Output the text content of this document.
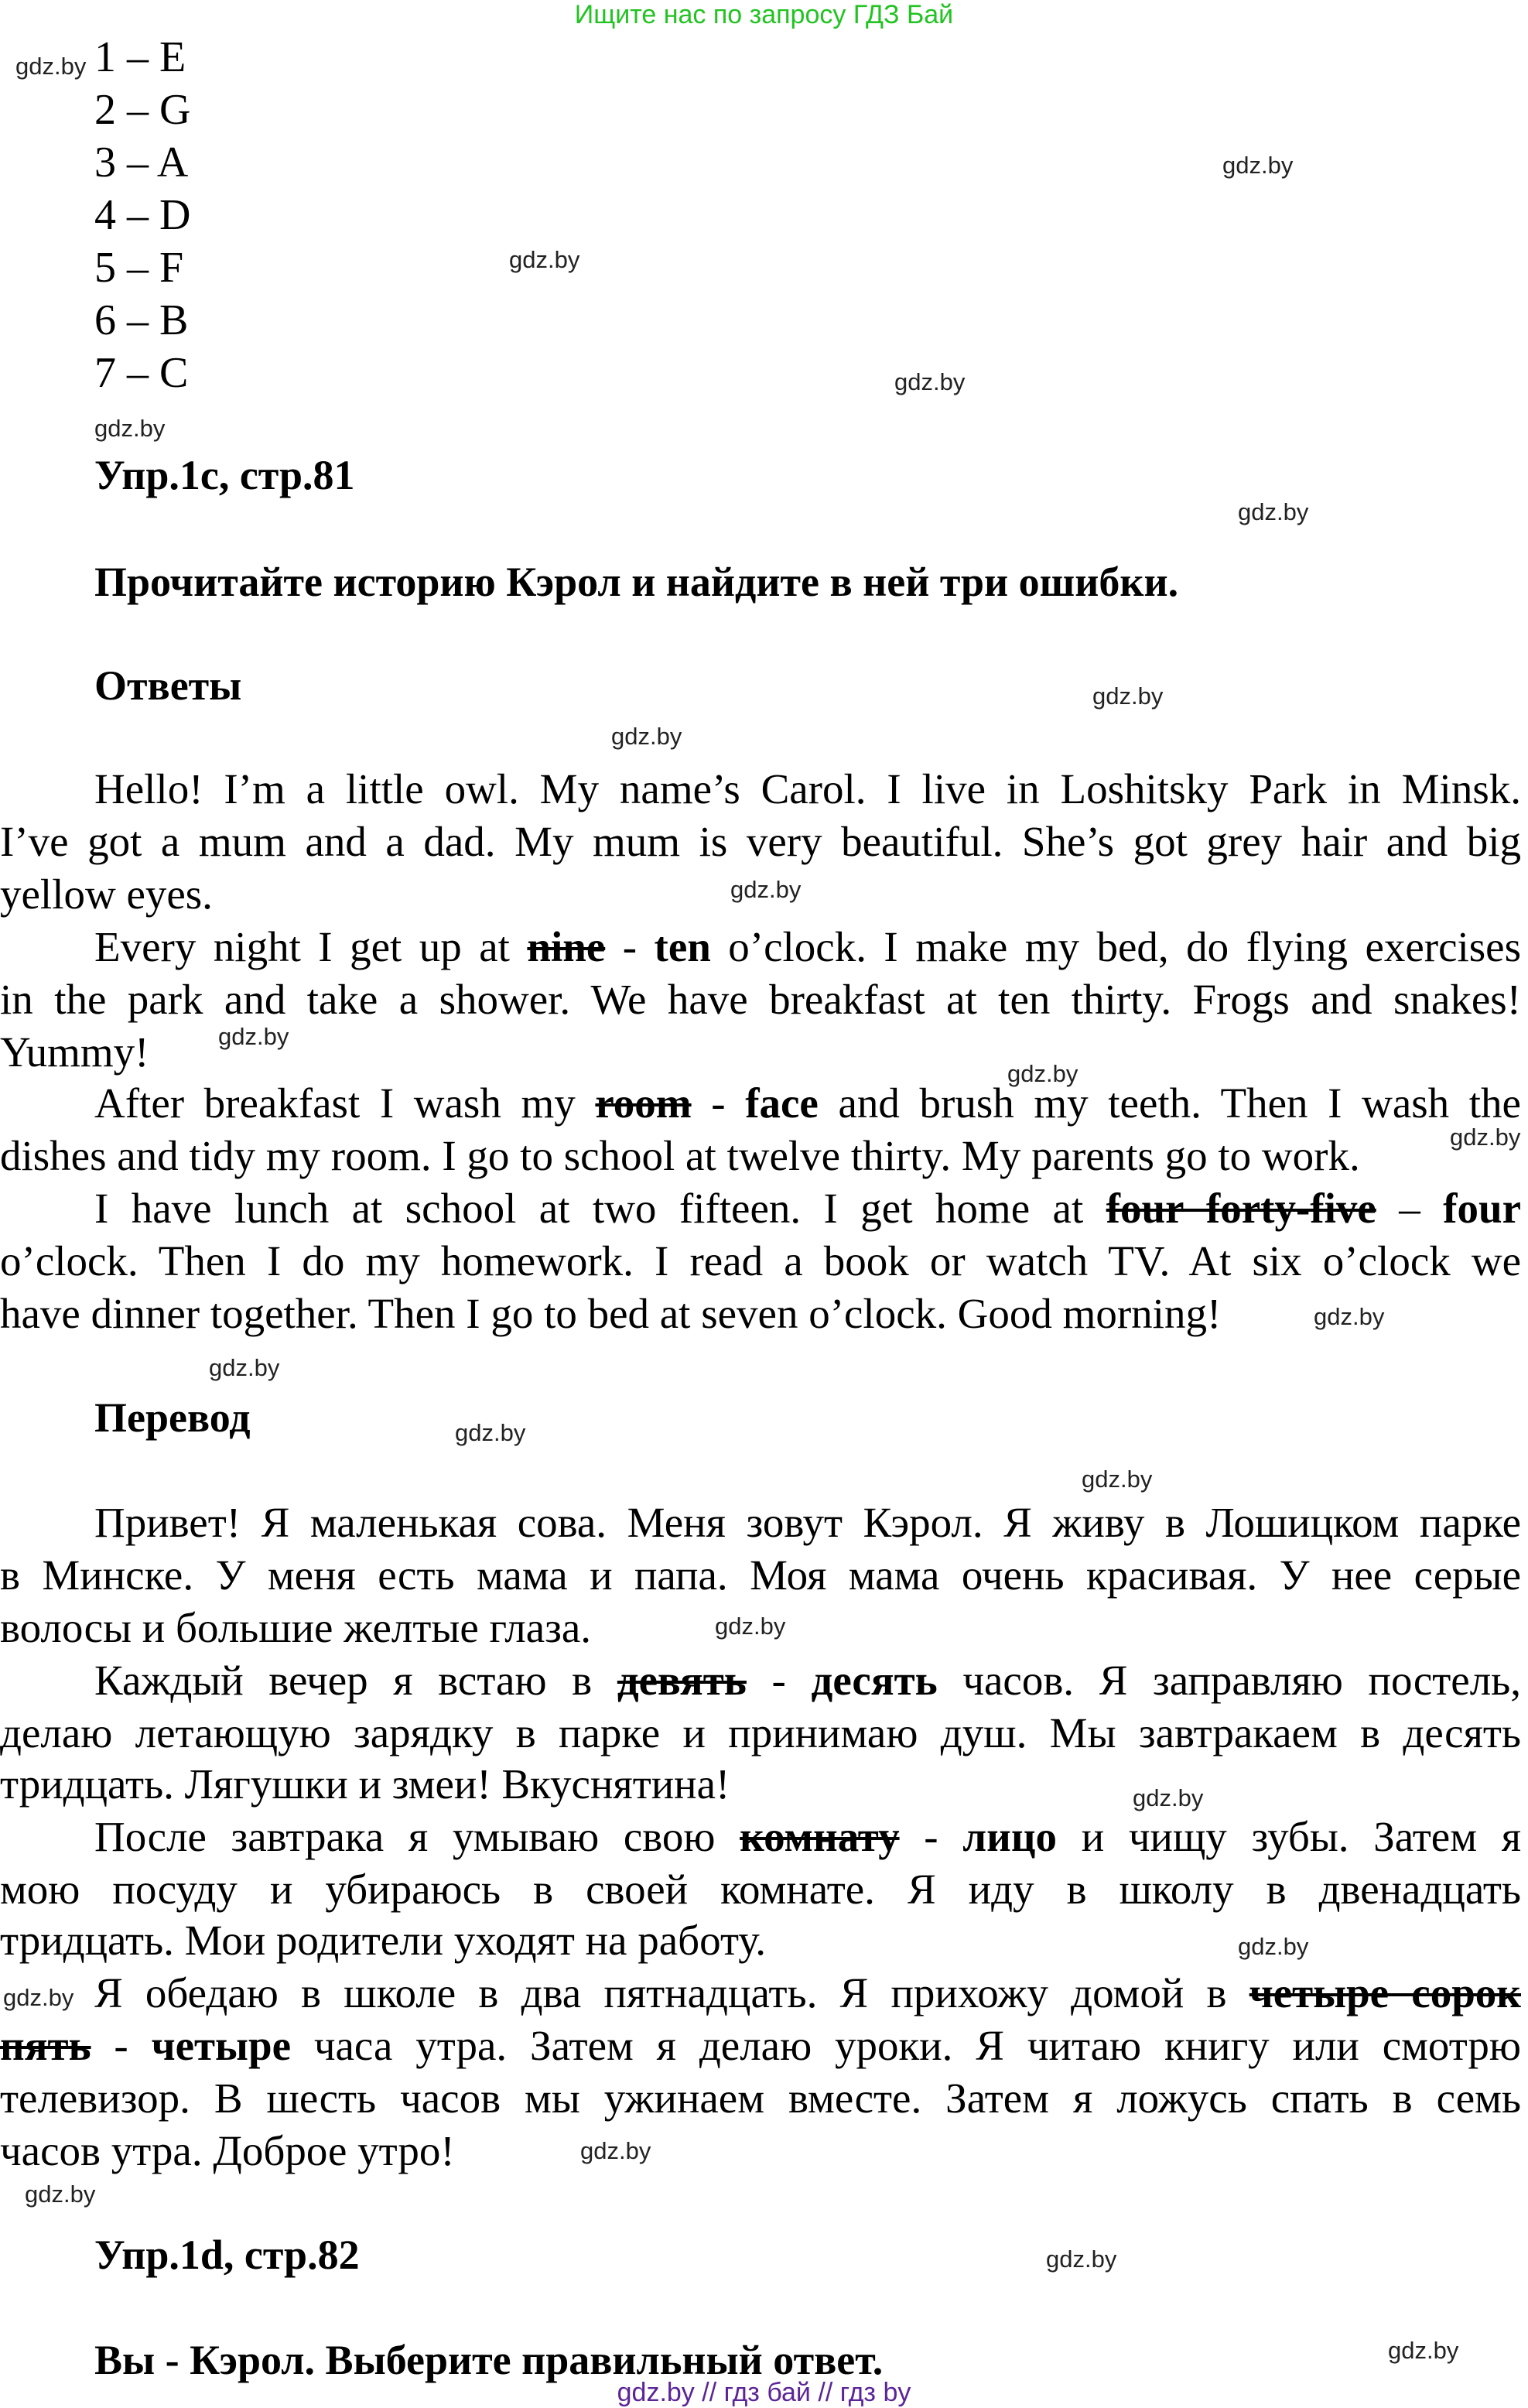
Ищите нас по запросу ГДЗ Бай
1 – E
2 – G
3 – A
4 – D
5 – F
6 – B
7 – C
Упр.1с, стр.81
Прочитайте историю Кэрол и найдите в ней три ошибки.
Ответы
Hello! I’m a little owl. My name’s Carol. I live in Loshitsky Park in Minsk.
I’ve got a mum and a dad. My mum is very beautiful. She’s got grey hair and big
yellow eyes.
Every night I get up at nine - ten o’clock. I make my bed, do flying exercises
in the park and take a shower. We have breakfast at ten thirty. Frogs and snakes!
Yummy!
After breakfast I wash my room - face and brush my teeth. Then I wash the
dishes and tidy my room. I go to school at twelve thirty. My parents go to work.
I have lunch at school at two fifteen. I get home at four forty-five – four
o’clock. Then I do my homework. I read a book or watch TV. At six o’clock we
have dinner together. Then I go to bed at seven o’clock. Good morning!
Перевод
Привет! Я маленькая сова. Меня зовут Кэрол. Я живу в Лошицком парке
в Минске. У меня есть мама и папа. Моя мама очень красивая. У нее серые
волосы и большие желтые глаза.
Каждый вечер я встаю в девять - десять часов. Я заправляю постель,
делаю летающую зарядку в парке и принимаю душ. Мы завтракаем в десять
тридцать. Лягушки и змеи! Вкуснятина!
После завтрака я умываю свою комнату - лицо и чищу зубы. Затем я
мою посуду и убираюсь в своей комнате. Я иду в школу в двенадцать
тридцать. Мои родители уходят на работу.
Я обедаю в школе в два пятнадцать. Я прихожу домой в четыре сорок
пять - четыре часа утра. Затем я делаю уроки. Я читаю книгу или смотрю
телевизор. В шесть часов мы ужинаем вместе. Затем я ложусь спать в семь
часов утра. Доброе утро!
Упр.1d, стр.82
Вы - Кэрол. Выберите правильный ответ.
gdz.by // гдз бай // гдз by
gdz.by
gdz.by
gdz.by
gdz.by
gdz.by
gdz.by
gdz.by
gdz.by
gdz.by
gdz.by
gdz.by
gdz.by
gdz.by
gdz.by
gdz.by
gdz.by
gdz.by
gdz.by
gdz.by
gdz.by
gdz.by
gdz.by
gdz.by
gdz.by
